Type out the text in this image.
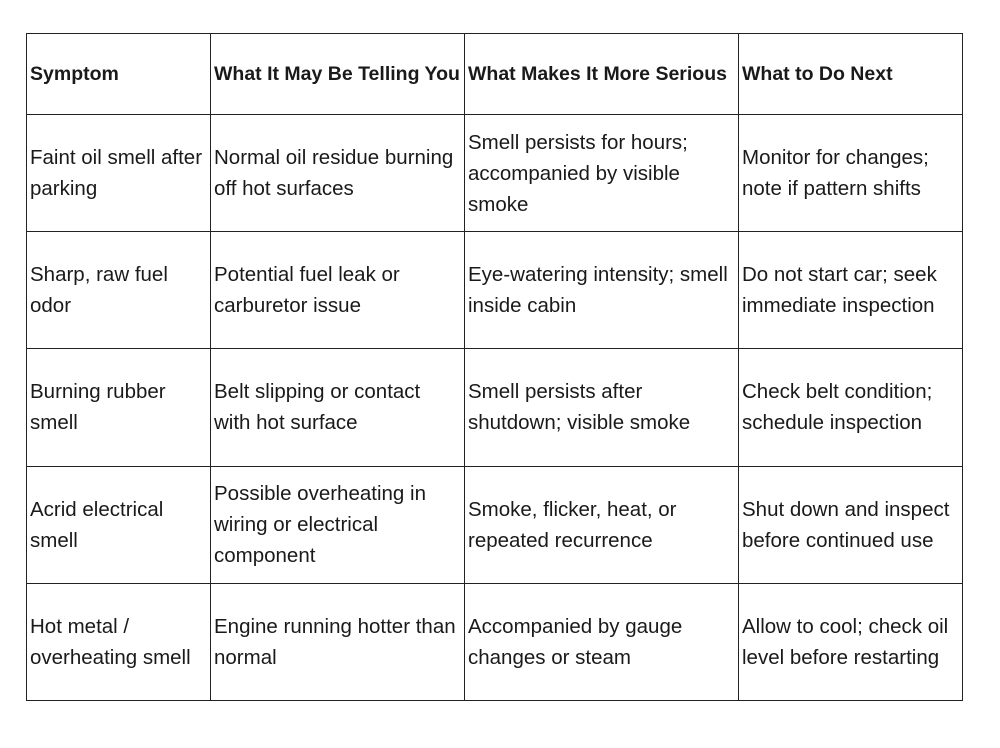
Symptom	What It May Be Telling You	What Makes It More Serious	What to Do Next
Faint oil smell after parking	Normal oil residue burning off hot surfaces	Smell persists for hours; accompanied by visible smoke	Monitor for changes; note if pattern shifts
Sharp, raw fuel odor	Potential fuel leak or carburetor issue	Eye-watering intensity; smell inside cabin	Do not start car; seek immediate inspection
Burning rubber smell	Belt slipping or contact with hot surface	Smell persists after shutdown; visible smoke	Check belt condition; schedule inspection
Acrid electrical smell	Possible overheating in wiring or electrical component	Smoke, flicker, heat, or repeated recurrence	Shut down and inspect before continued use
Hot metal / overheating smell	Engine running hotter than normal	Accompanied by gauge changes or steam	Allow to cool; check oil level before restarting
